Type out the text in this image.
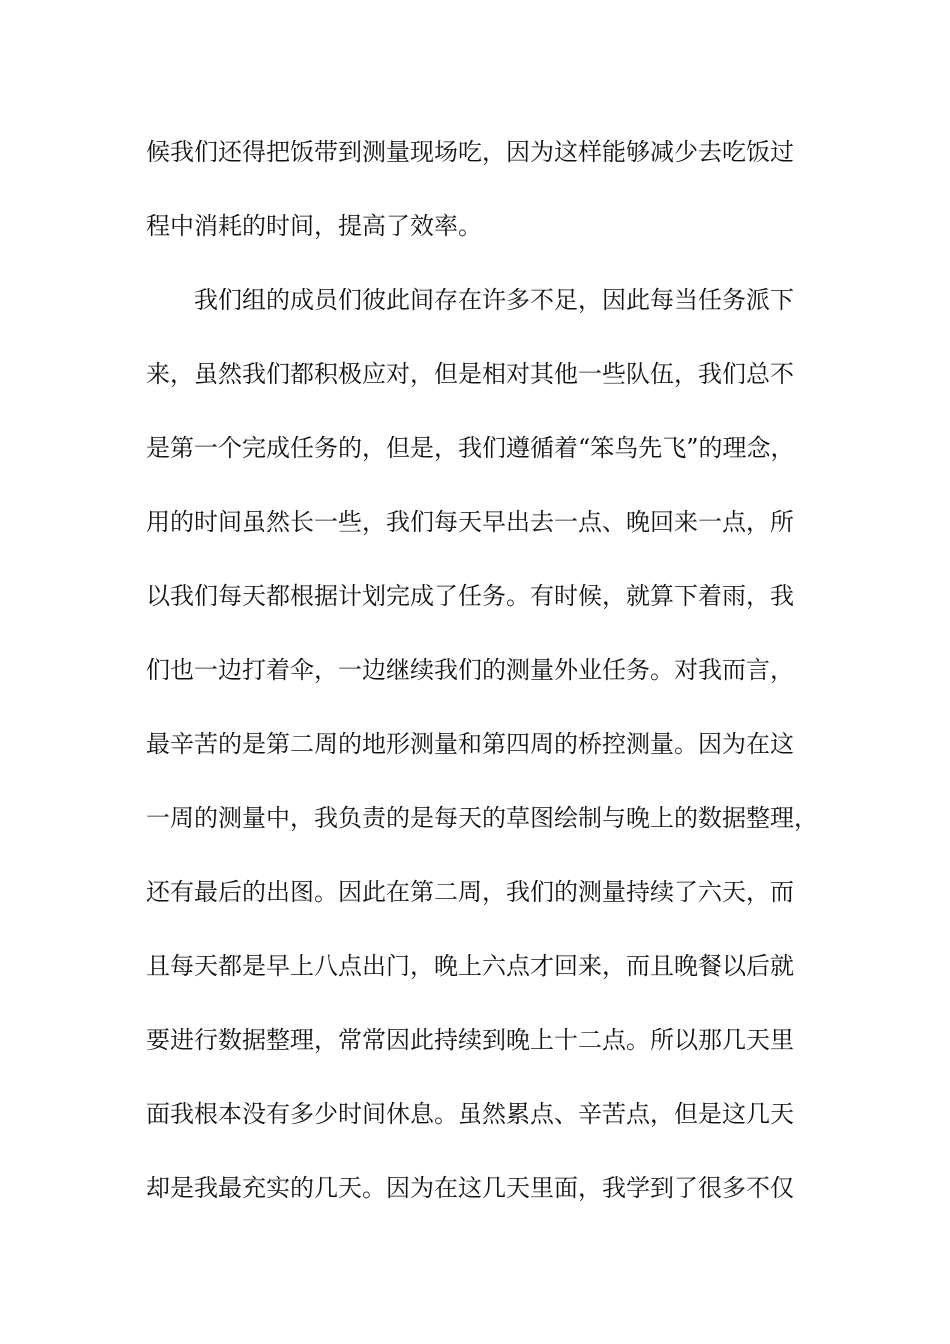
候我们还得把饭带到测量现场吃，因为这样能够减少去吃饭过
程中消耗的时间，提高了效率。
我们组的成员们彼此间存在许多不足，因此每当任务派下
来，虽然我们都积极应对，但是相对其他一些队伍，我们总不
是第一个完成任务的，但是，我们遵循着“笨鸟先飞”的理念，
用的时间虽然长一些，我们每天早出去一点、晚回来一点，所
以我们每天都根据计划完成了任务。有时候，就算下着雨，我
们也一边打着伞，一边继续我们的测量外业任务。对我而言，
最辛苦的是第二周的地形测量和第四周的桥控测量。因为在这
一周的测量中，我负责的是每天的草图绘制与晚上的数据整理，
还有最后的出图。因此在第二周，我们的测量持续了六天，而
且每天都是早上八点出门，晚上六点才回来，而且晚餐以后就
要进行数据整理，常常因此持续到晚上十二点。所以那几天里
面我根本没有多少时间休息。虽然累点、辛苦点，但是这几天
却是我最充实的几天。因为在这几天里面，我学到了很多不仅
